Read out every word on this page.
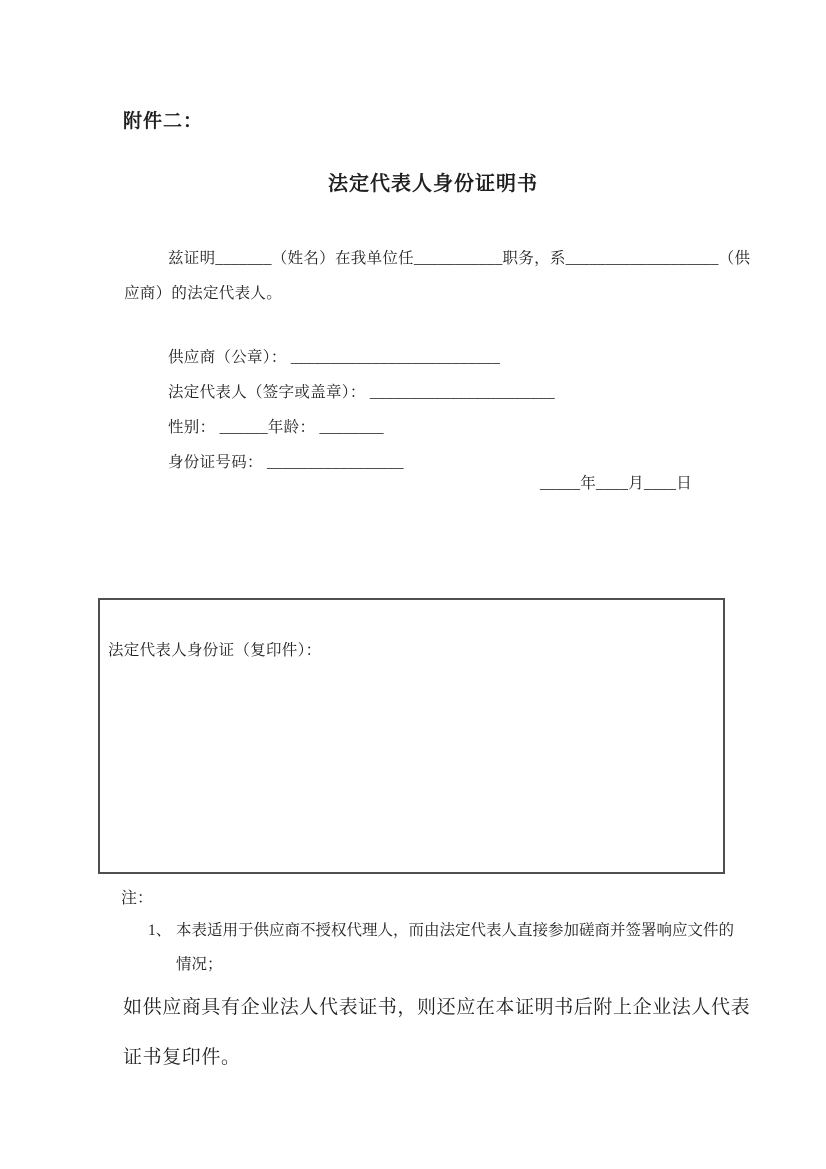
附件二：
法定代表人身份证明书
兹证明_______（姓名）在我单位任___________职务，系___________________（供
应商）的法定代表人。
供应商（公章）： __________________________
法定代表人（签字或盖章）： _______________________
性别： ______年龄： ________
身份证号码： _________________
_____年____月____日
法定代表人身份证（复印件）：
注：
1、 本表适用于供应商不授权代理人，而由法定代表人直接参加磋商并签署响应文件的
情况；
如供应商具有企业法人代表证书，则还应在本证明书后附上企业法人代表
证书复印件。
